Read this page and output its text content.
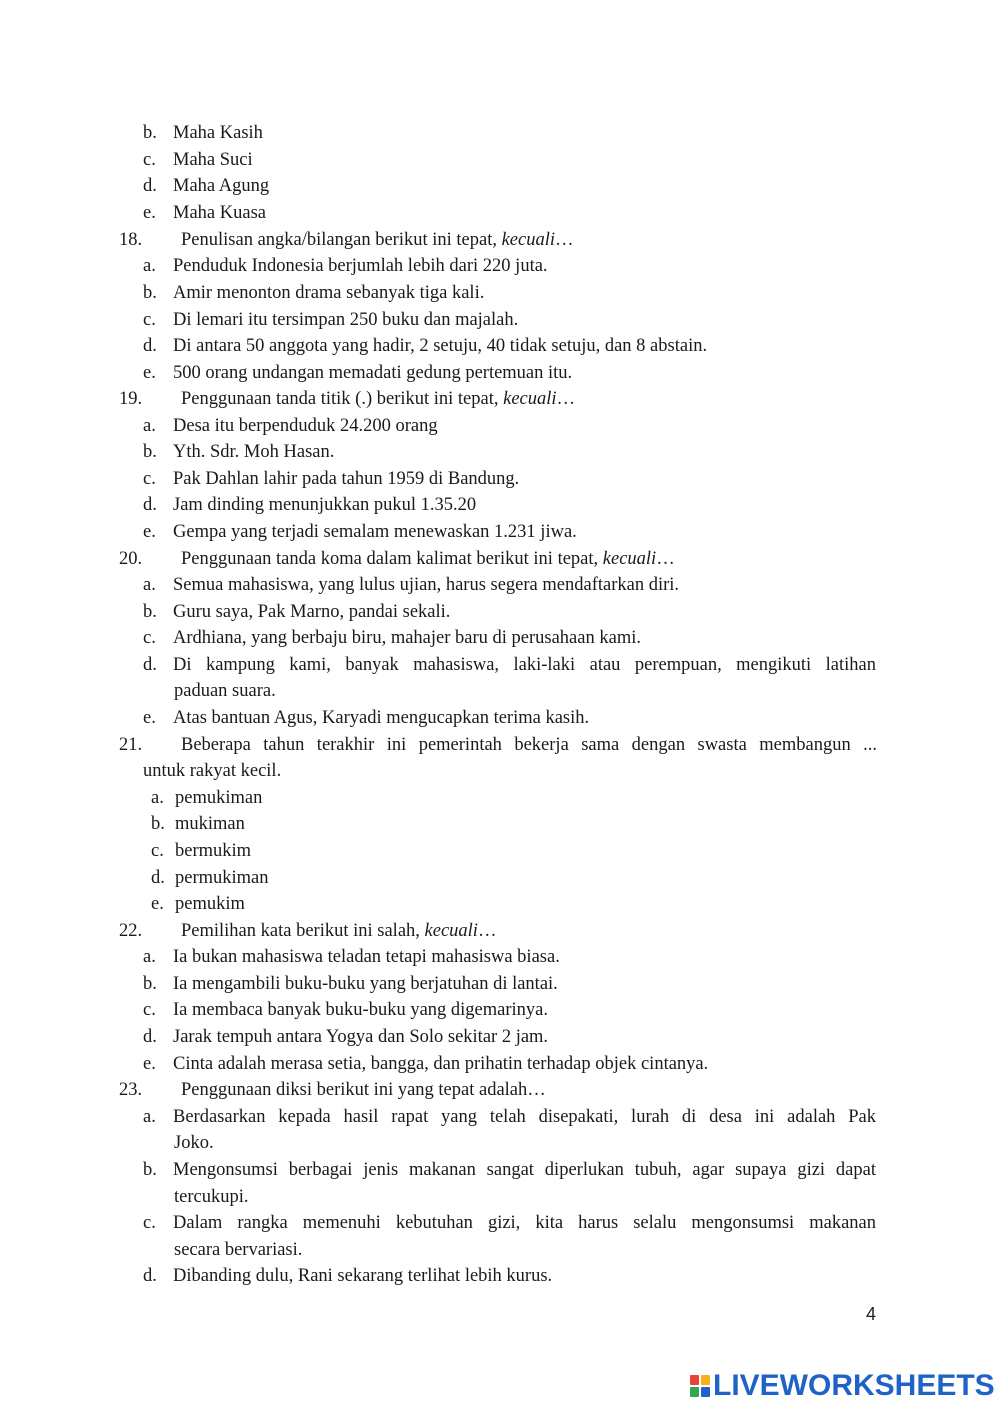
b. Maha Kasih
c. Maha Suci
d. Maha Agung
e. Maha Kuasa
18. Penulisan angka/bilangan berikut ini tepat, kecuali…
a. Penduduk Indonesia berjumlah lebih dari 220 juta.
b. Amir menonton drama sebanyak tiga kali.
c. Di lemari itu tersimpan 250 buku dan majalah.
d. Di antara 50 anggota yang hadir, 2 setuju, 40 tidak setuju, dan 8 abstain.
e. 500 orang undangan memadati gedung pertemuan itu.
19. Penggunaan tanda titik (.) berikut ini tepat, kecuali…
a. Desa itu berpenduduk 24.200 orang
b. Yth. Sdr. Moh Hasan.
c. Pak Dahlan lahir pada tahun 1959 di Bandung.
d. Jam dinding menunjukkan pukul 1.35.20
e. Gempa yang terjadi semalam menewaskan 1.231 jiwa.
20. Penggunaan tanda koma dalam kalimat berikut ini tepat, kecuali…
a. Semua mahasiswa, yang lulus ujian, harus segera mendaftarkan diri.
b. Guru saya, Pak Marno, pandai sekali.
c. Ardhiana, yang berbaju biru, mahajer baru di perusahaan kami.
d. Di kampung kami, banyak mahasiswa, laki-laki atau perempuan, mengikuti latihan
paduan suara.
e. Atas bantuan Agus, Karyadi mengucapkan terima kasih.
21. Beberapa tahun terakhir ini pemerintah bekerja sama dengan swasta membangun ...
untuk rakyat kecil.
a. pemukiman
b. mukiman
c. bermukim
d. permukiman
e. pemukim
22. Pemilihan kata berikut ini salah, kecuali…
a. Ia bukan mahasiswa teladan tetapi mahasiswa biasa.
b. Ia mengambili buku-buku yang berjatuhan di lantai.
c. Ia membaca banyak buku-buku yang digemarinya.
d. Jarak tempuh antara Yogya dan Solo sekitar 2 jam.
e. Cinta adalah merasa setia, bangga, dan prihatin terhadap objek cintanya.
23. Penggunaan diksi berikut ini yang tepat adalah…
a. Berdasarkan kepada hasil rapat yang telah disepakati, lurah di desa ini adalah Pak
Joko.
b. Mengonsumsi berbagai jenis makanan sangat diperlukan tubuh, agar supaya gizi dapat
tercukupi.
c. Dalam rangka memenuhi kebutuhan gizi, kita harus selalu mengonsumsi makanan
secara bervariasi.
d. Dibanding dulu, Rani sekarang terlihat lebih kurus.
4
LIVEWORKSHEETS
